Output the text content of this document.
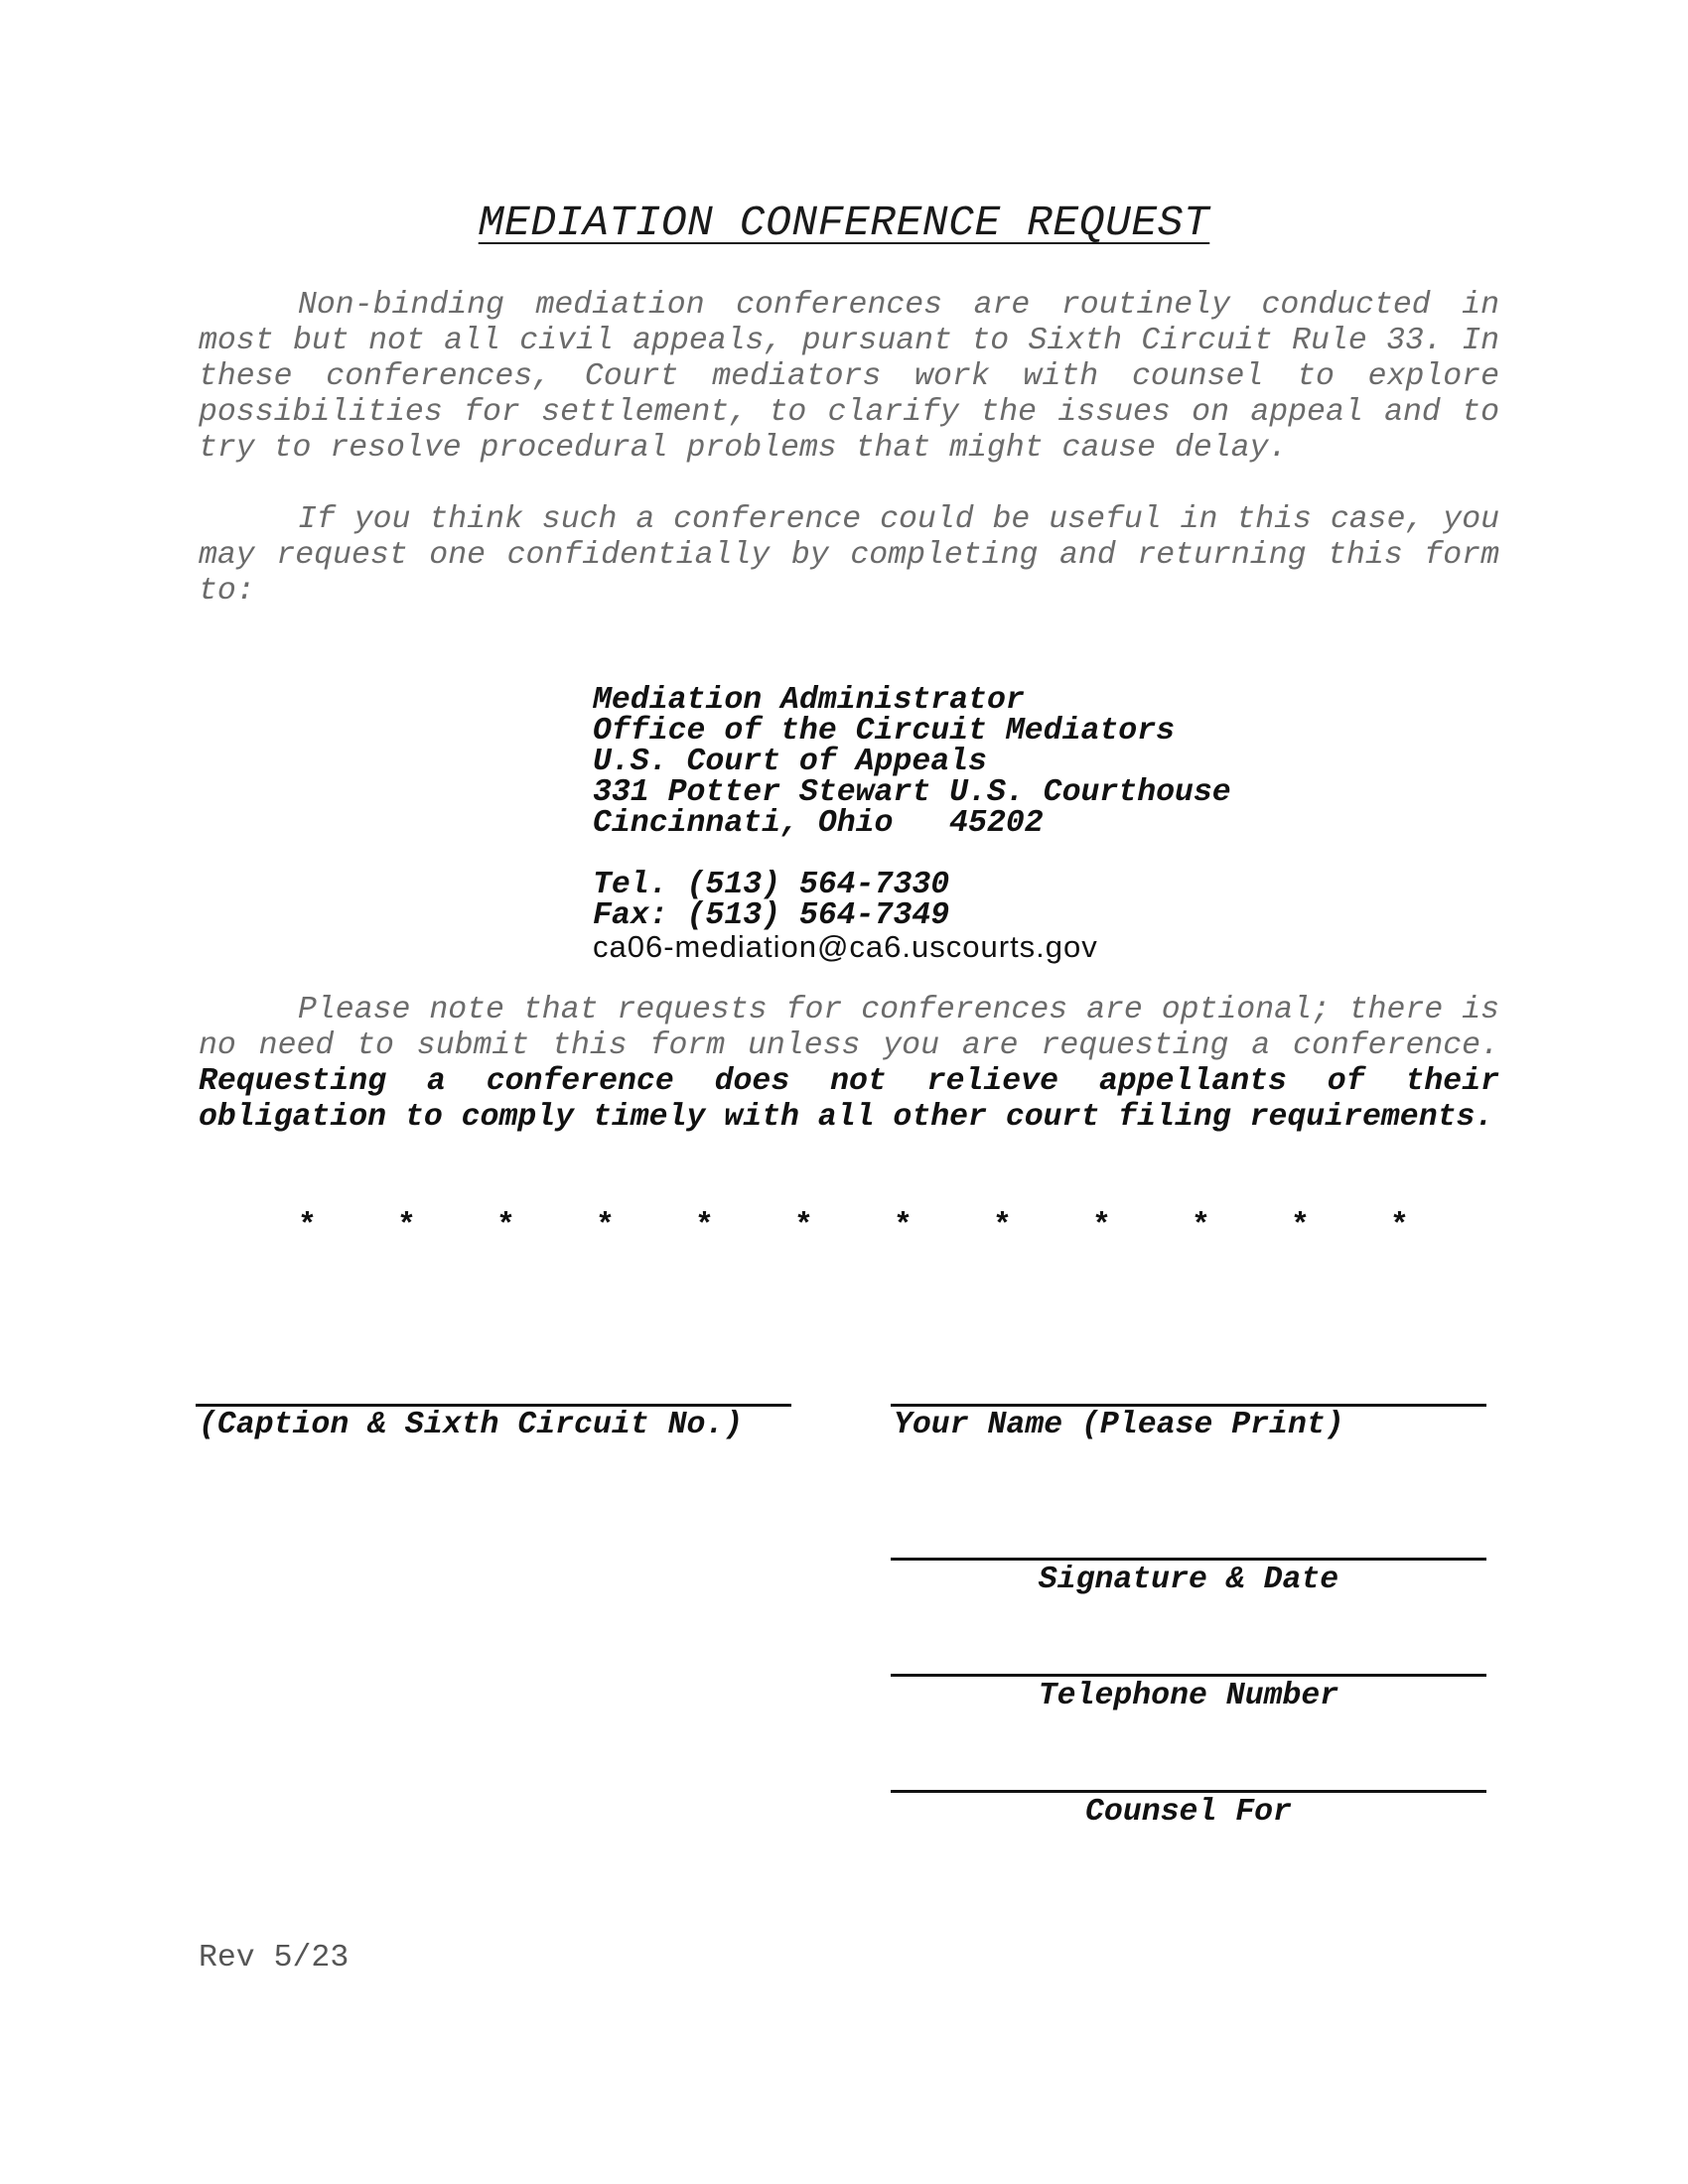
MEDIATION CONFERENCE REQUEST

Non-binding mediation conferences are routinely conducted in most but not all civil appeals, pursuant to Sixth Circuit Rule 33. In these conferences, Court mediators work with counsel to explore possibilities for settlement, to clarify the issues on appeal and to try to resolve procedural problems that might cause delay.

If you think such a conference could be useful in this case, you may request one confidentially by completing and returning this form to:

Mediation Administrator
Office of the Circuit Mediators
U.S. Court of Appeals
331 Potter Stewart U.S. Courthouse
Cincinnati, Ohio   45202
Tel. (513) 564-7330
Fax: (513) 564-7349
ca06-mediation@ca6.uscourts.gov

Please note that requests for conferences are optional; there is no need to submit this form unless you are requesting a conference. Requesting a conference does not relieve appellants of their obligation to comply timely with all other court filing requirements.

*	*	*	*	*	*	*	*	*	*	*	*
(Caption & Sixth Circuit No.)	Your Name (Please Print)
Signature & Date
Telephone Number
Counsel For
Rev 5/23
